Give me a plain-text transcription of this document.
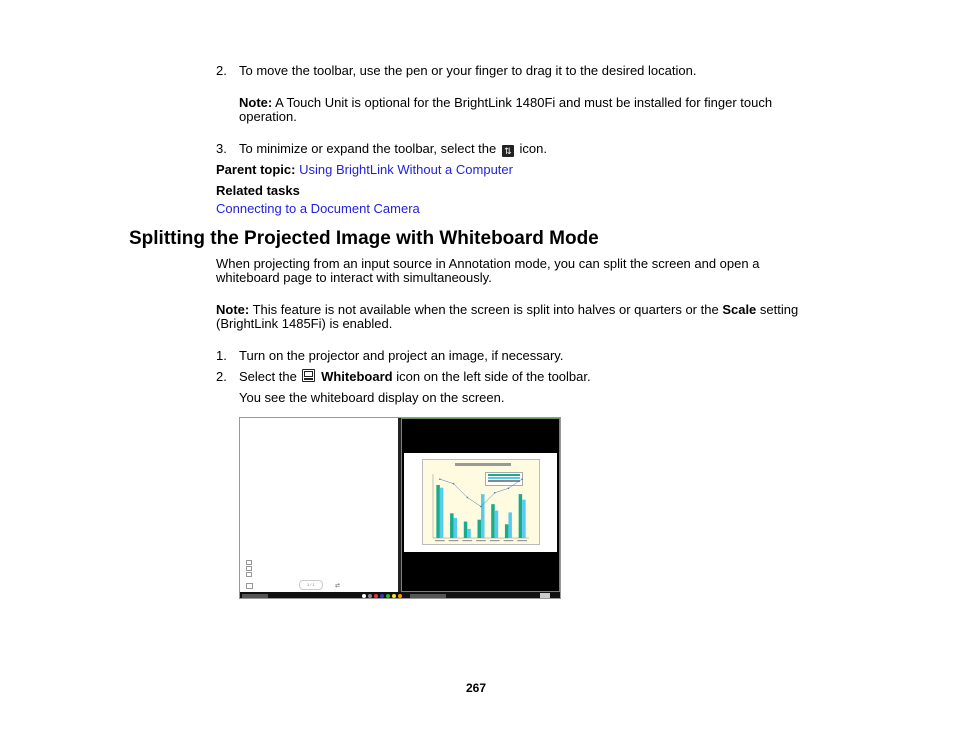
2. To move the toolbar, use the pen or your finger to drag it to the desired location.
Note: A Touch Unit is optional for the BrightLink 1480Fi and must be installed for finger touch
operation.
3. To minimize or expand the toolbar, select the ⇅ icon.
Parent topic: Using BrightLink Without a Computer
Related tasks
Connecting to a Document Camera
Splitting the Projected Image with Whiteboard Mode
When projecting from an input source in Annotation mode, you can split the screen and open a
whiteboard page to interact with simultaneously.
Note: This feature is not available when the screen is split into halves or quarters or the Scale setting
(BrightLink 1485Fi) is enabled.
1. Turn on the projector and project an image, if necessary.
2. Select the Whiteboard icon on the left side of the toolbar.
You see the whiteboard display on the screen.
1 / 1	⇄
267
